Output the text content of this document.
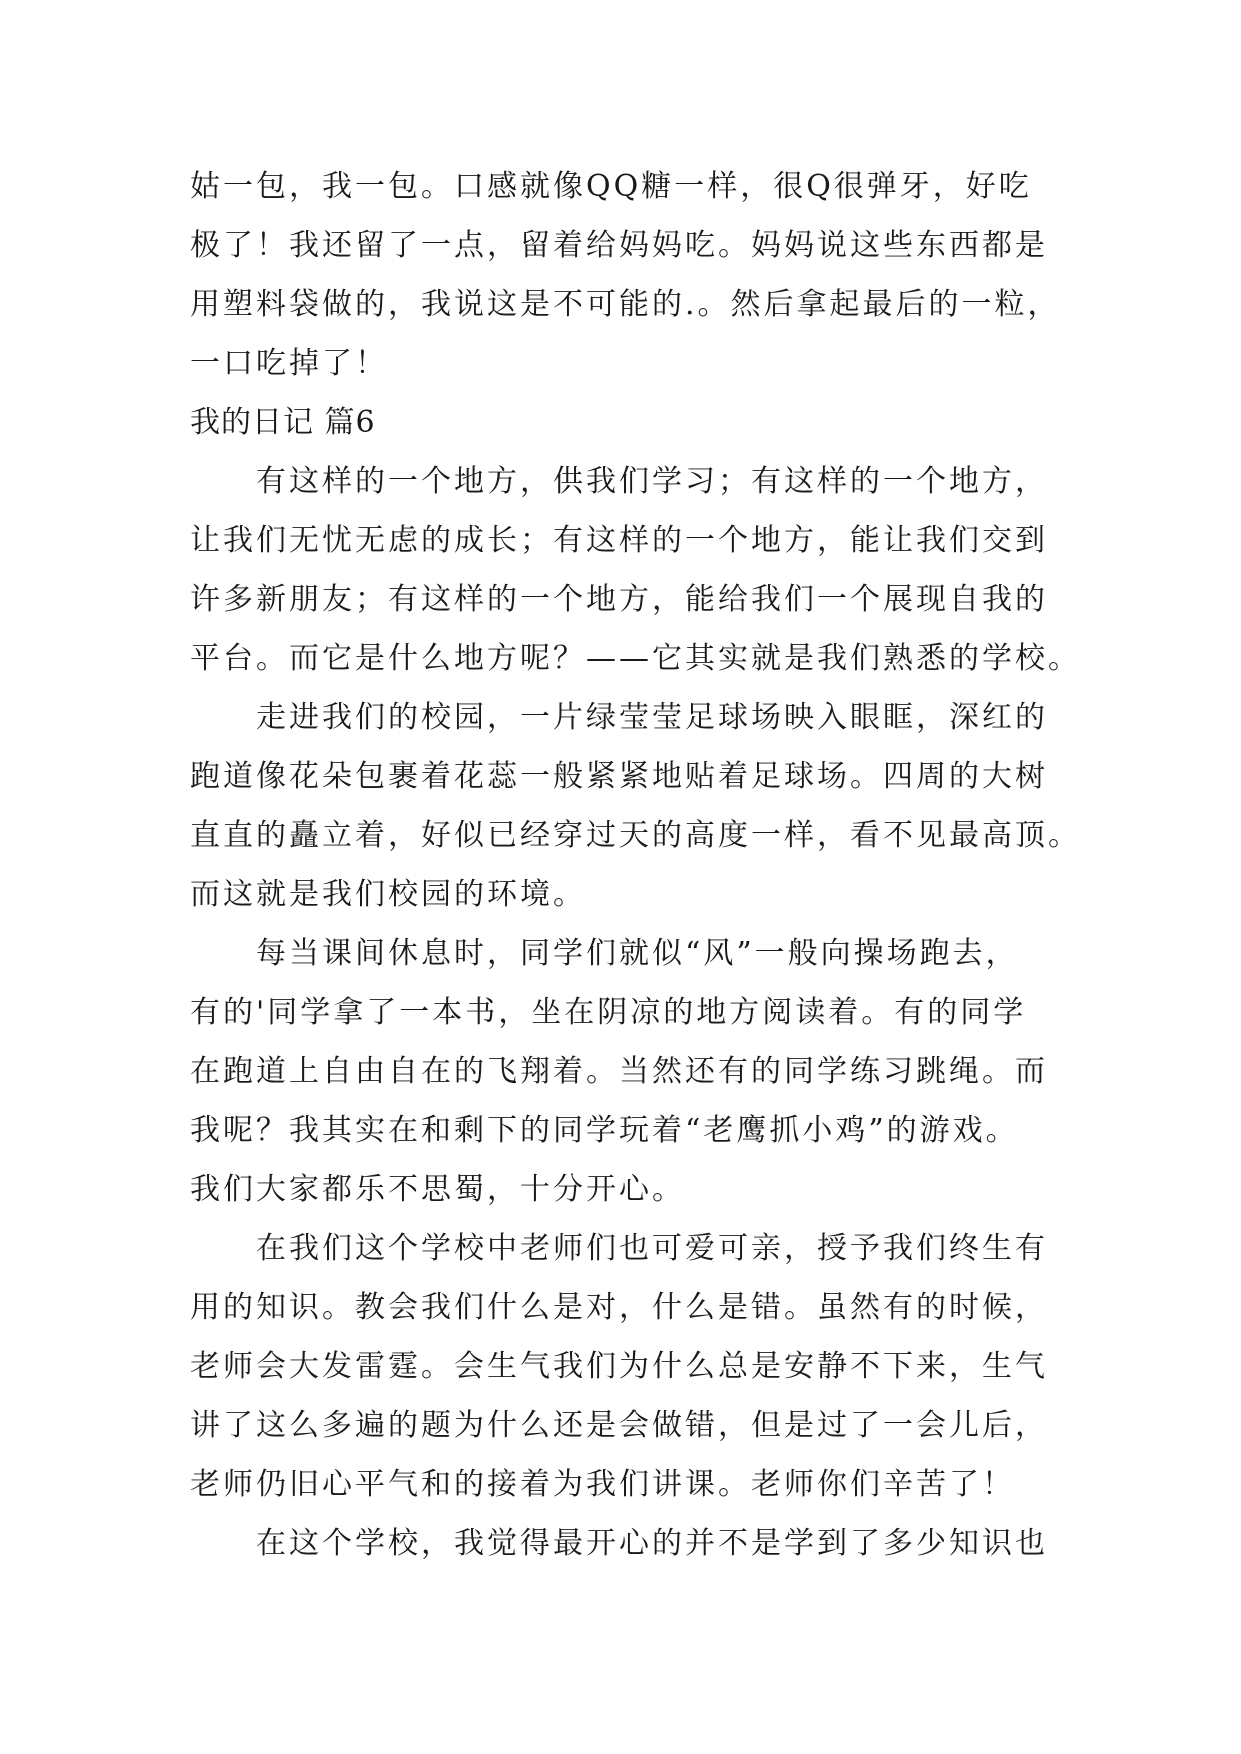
姑一包，我一包。口感就像QQ糖一样，很Q很弹牙，好吃
极了！我还留了一点，留着给妈妈吃。妈妈说这些东西都是
用塑料袋做的，我说这是不可能的.。然后拿起最后的一粒，
一口吃掉了！
我的日记 篇6
有这样的一个地方，供我们学习；有这样的一个地方，
让我们无忧无虑的成长；有这样的一个地方，能让我们交到
许多新朋友；有这样的一个地方，能给我们一个展现自我的
平台。而它是什么地方呢？——它其实就是我们熟悉的学校。
走进我们的校园，一片绿莹莹足球场映入眼眶，深红的
跑道像花朵包裹着花蕊一般紧紧地贴着足球场。四周的大树
直直的矗立着，好似已经穿过天的高度一样，看不见最高顶。
而这就是我们校园的环境。
每当课间休息时，同学们就似“风”一般向操场跑去，
有的'同学拿了一本书，坐在阴凉的地方阅读着。有的同学
在跑道上自由自在的飞翔着。当然还有的同学练习跳绳。而
我呢？我其实在和剩下的同学玩着“老鹰抓小鸡”的游戏。
我们大家都乐不思蜀，十分开心。
在我们这个学校中老师们也可爱可亲，授予我们终生有
用的知识。教会我们什么是对，什么是错。虽然有的时候，
老师会大发雷霆。会生气我们为什么总是安静不下来，生气
讲了这么多遍的题为什么还是会做错，但是过了一会儿后，
老师仍旧心平气和的接着为我们讲课。老师你们辛苦了！
在这个学校，我觉得最开心的并不是学到了多少知识也
